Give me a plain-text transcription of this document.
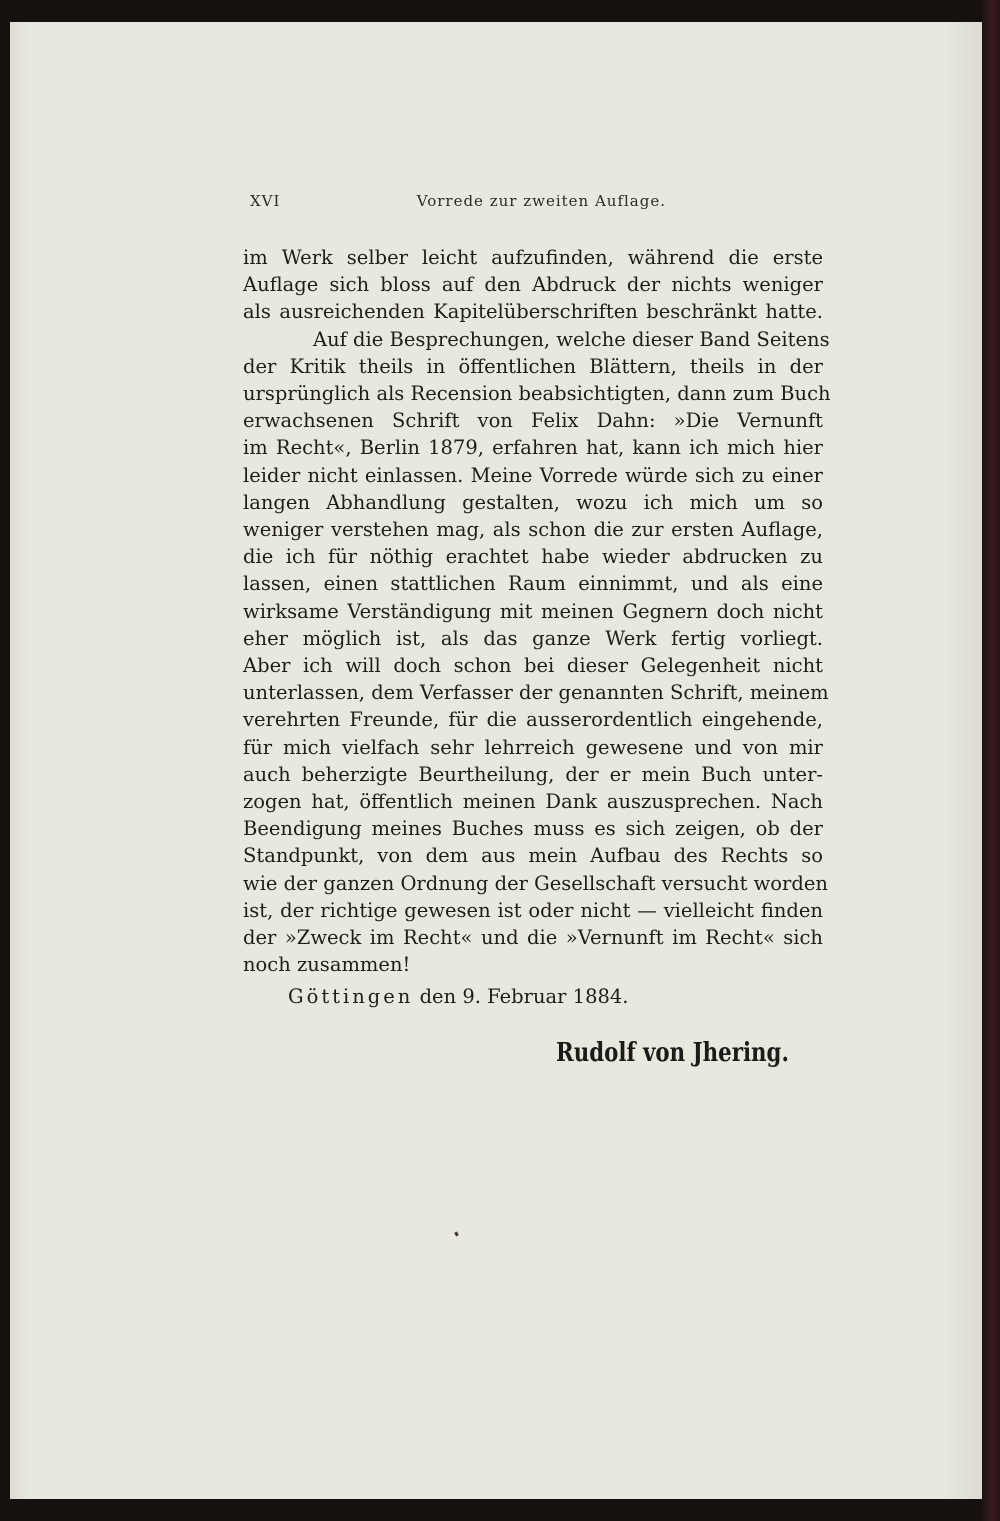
XVI	Vorrede zur zweiten Auflage.
im Werk selber leicht aufzufinden, während die erste
Auflage sich bloss auf den Abdruck der nichts weniger
als ausreichenden Kapitelüberschriften beschränkt hatte.
Auf die Besprechungen, welche dieser Band Seitens
der Kritik theils in öffentlichen Blättern, theils in der
ursprünglich als Recension beabsichtigten, dann zum Buch
erwachsenen Schrift von Felix Dahn: »Die Vernunft
im Recht«, Berlin 1879, erfahren hat, kann ich mich hier
leider nicht einlassen. Meine Vorrede würde sich zu einer
langen Abhandlung gestalten, wozu ich mich um so
weniger verstehen mag, als schon die zur ersten Auflage,
die ich für nöthig erachtet habe wieder abdrucken zu
lassen, einen stattlichen Raum einnimmt, und als eine
wirksame Verständigung mit meinen Gegnern doch nicht
eher möglich ist, als das ganze Werk fertig vorliegt.
Aber ich will doch schon bei dieser Gelegenheit nicht
unterlassen, dem Verfasser der genannten Schrift, meinem
verehrten Freunde, für die ausserordentlich eingehende,
für mich vielfach sehr lehrreich gewesene und von mir
auch beherzigte Beurtheilung, der er mein Buch unter-
zogen hat, öffentlich meinen Dank auszusprechen. Nach
Beendigung meines Buches muss es sich zeigen, ob der
Standpunkt, von dem aus mein Aufbau des Rechts so
wie der ganzen Ordnung der Gesellschaft versucht worden
ist, der richtige gewesen ist oder nicht — vielleicht finden
der »Zweck im Recht« und die »Vernunft im Recht« sich
noch zusammen!
Göttingen den 9. Februar 1884.
Rudolf von Jhering.
